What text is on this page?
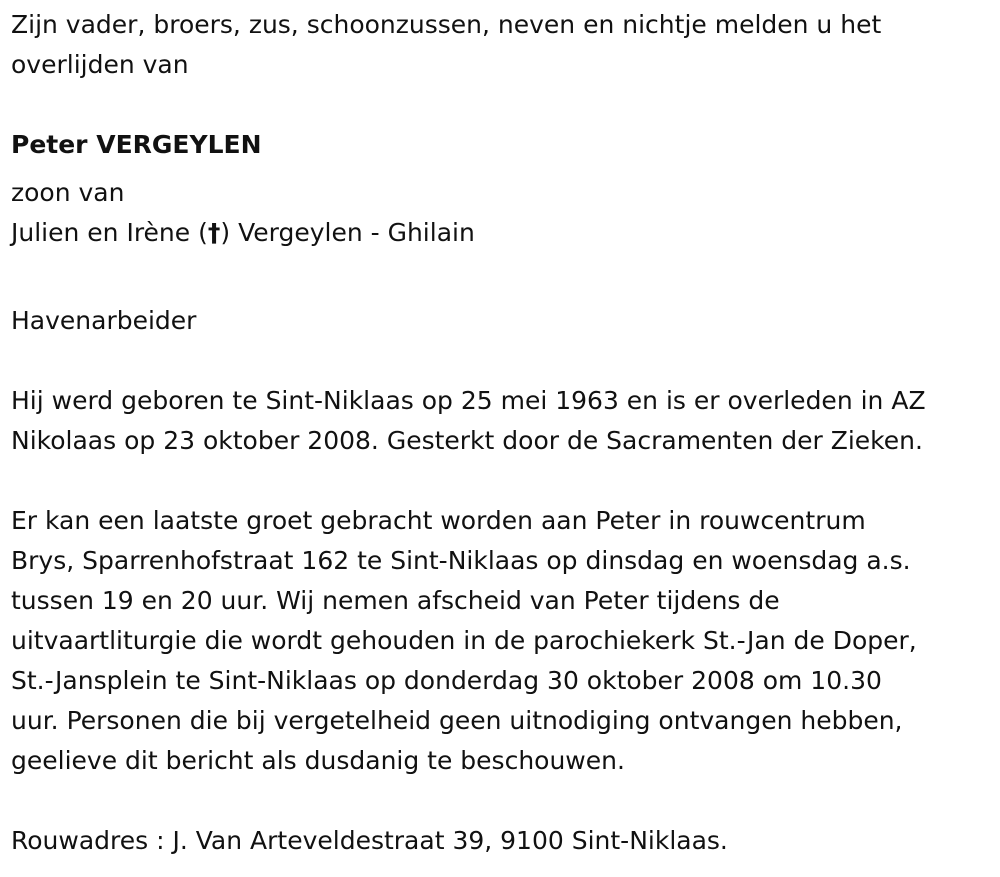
Zijn vader, broers, zus, schoonzussen, neven en nichtje melden u het
overlijden van

Peter VERGEYLEN

zoon van
Julien en Irène (†) Vergeylen - Ghilain

Havenarbeider

Hij werd geboren te Sint-Niklaas op 25 mei 1963 en is er overleden in AZ
Nikolaas op 23 oktober 2008. Gesterkt door de Sacramenten der Zieken.

Er kan een laatste groet gebracht worden aan Peter in rouwcentrum
Brys, Sparrenhofstraat 162 te Sint-Niklaas op dinsdag en woensdag a.s.
tussen 19 en 20 uur. Wij nemen afscheid van Peter tijdens de
uitvaartliturgie die wordt gehouden in de parochiekerk St.-Jan de Doper,
St.-Jansplein te Sint-Niklaas op donderdag 30 oktober 2008 om 10.30
uur. Personen die bij vergetelheid geen uitnodiging ontvangen hebben,
geelieve dit bericht als dusdanig te beschouwen.

Rouwadres : J. Van Arteveldestraat 39, 9100 Sint-Niklaas.
